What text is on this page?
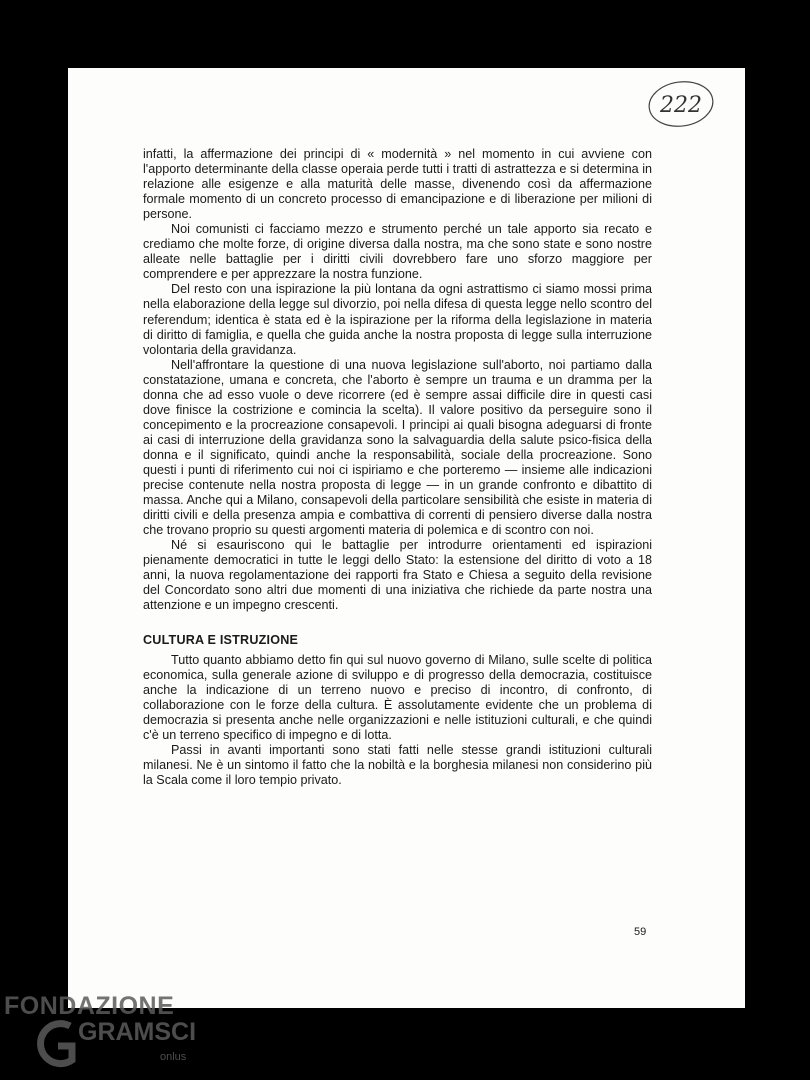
222

infatti, la affermazione dei principi di « modernità » nel momento in cui avviene con l'apporto determinante della classe operaia perde tutti i tratti di astrattezza e si determina in relazione alle esigenze e alla maturità delle masse, divenendo così da affermazione formale momento di un concreto processo di emancipazione e di liberazione per milioni di persone.

Noi comunisti ci facciamo mezzo e strumento perché un tale apporto sia recato e crediamo che molte forze, di origine diversa dalla nostra, ma che sono state e sono nostre alleate nelle battaglie per i diritti civili dovrebbero fare uno sforzo maggiore per comprendere e per apprezzare la nostra funzione.

Del resto con una ispirazione la più lontana da ogni astrattismo ci siamo mossi prima nella elaborazione della legge sul divorzio, poi nella difesa di questa legge nello scontro del referendum; identica è stata ed è la ispirazione per la riforma della legislazione in materia di diritto di famiglia, e quella che guida anche la nostra proposta di legge sulla interruzione volontaria della gravidanza.

Nell'affrontare la questione di una nuova legislazione sull'aborto, noi partiamo dalla constatazione, umana e concreta, che l'aborto è sempre un trauma e un dramma per la donna che ad esso vuole o deve ricorrere (ed è sempre assai difficile dire in questi casi dove finisce la costrizione e comincia la scelta). Il valore positivo da perseguire sono il concepimento e la procreazione consapevoli. I principi ai quali bisogna adeguarsi di fronte ai casi di interruzione della gravidanza sono la salvaguardia della salute psico-fisica della donna e il significato, quindi anche la responsabilità, sociale della procreazione. Sono questi i punti di riferimento cui noi ci ispiriamo e che porteremo — insieme alle indicazioni precise contenute nella nostra proposta di legge — in un grande confronto e dibattito di massa. Anche qui a Milano, consapevoli della particolare sensibilità che esiste in materia di diritti civili e della presenza ampia e combattiva di correnti di pensiero diverse dalla nostra che trovano proprio su questi argomenti materia di polemica e di scontro con noi.

Né si esauriscono qui le battaglie per introdurre orientamenti ed ispirazioni pienamente democratici in tutte le leggi dello Stato: la estensione del diritto di voto a 18 anni, la nuova regolamentazione dei rapporti fra Stato e Chiesa a seguito della revisione del Concordato sono altri due momenti di una iniziativa che richiede da parte nostra una attenzione e un impegno crescenti.

CULTURA E ISTRUZIONE

Tutto quanto abbiamo detto fin qui sul nuovo governo di Milano, sulle scelte di politica economica, sulla generale azione di sviluppo e di progresso della democrazia, costituisce anche la indicazione di un terreno nuovo e preciso di incontro, di confronto, di collaborazione con le forze della cultura. È assolutamente evidente che un problema di democrazia si presenta anche nelle organizzazioni e nelle istituzioni culturali, e che quindi c'è un terreno specifico di impegno e di lotta.

Passi in avanti importanti sono stati fatti nelle stesse grandi istituzioni culturali milanesi. Ne è un sintomo il fatto che la nobiltà e la borghesia milanesi non considerino più la Scala come il loro tempio privato.

59
FONDAZIONE
GRAMSCI
onlus
